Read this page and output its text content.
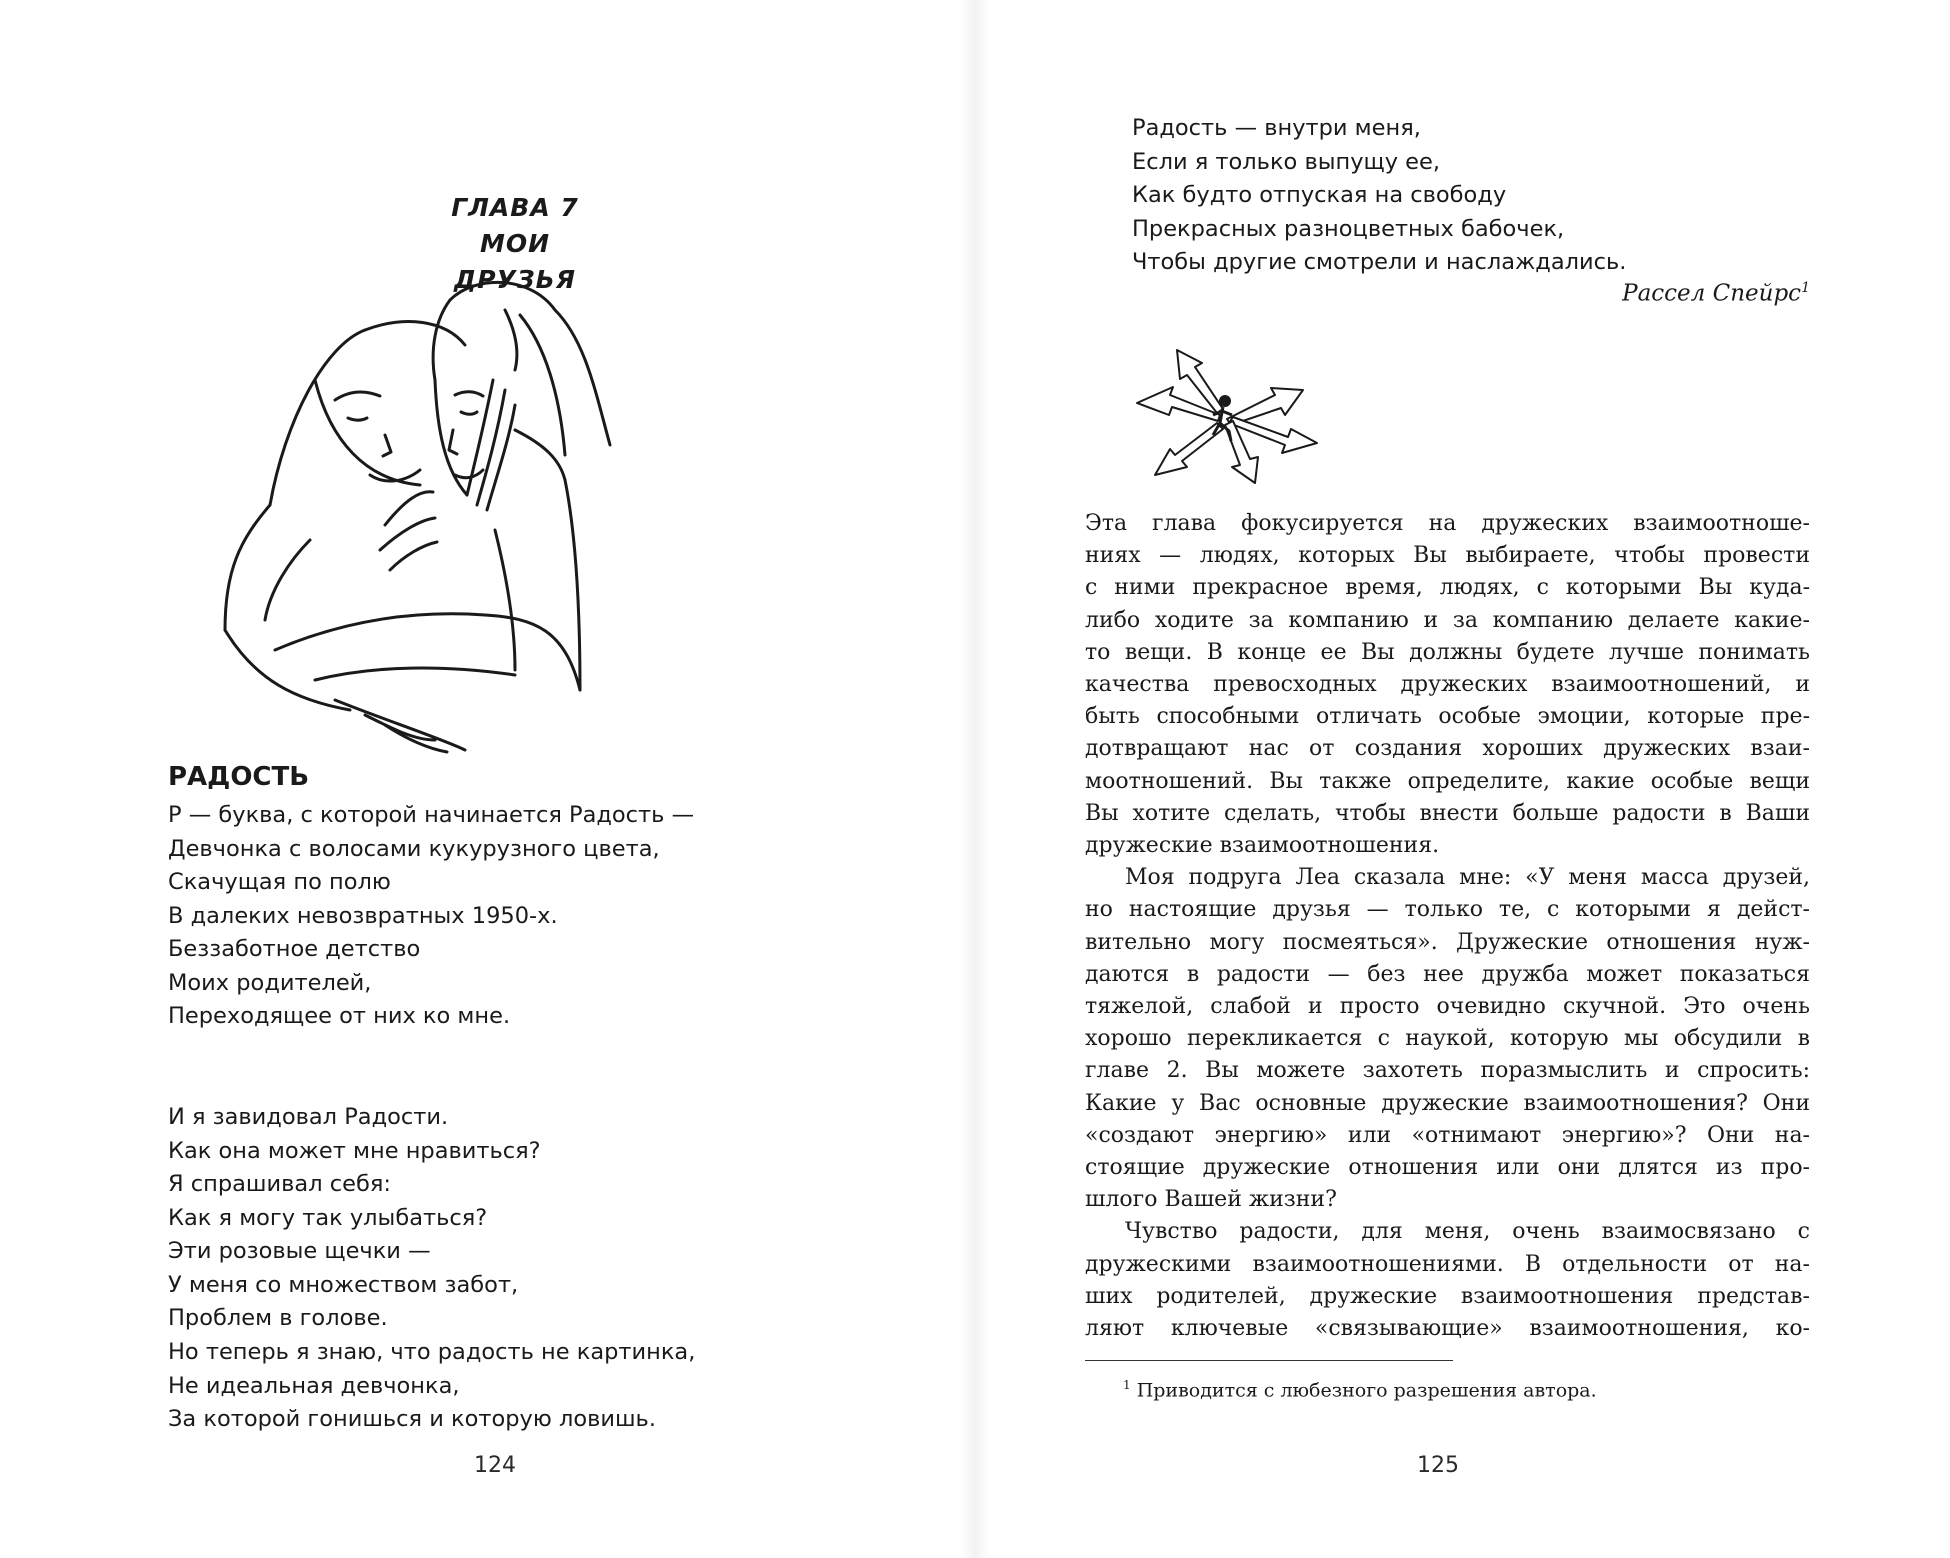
ГЛАВА 7
МОИ ДРУЗЬЯ
РАДОСТЬ
Р — буква, с которой начинается Радость —
Девчонка с волосами кукурузного цвета,
Скачущая по полю
В далеких невозвратных 1950-х.
Беззаботное детство
Моих родителей,
Переходящее от них ко мне.
И я завидовал Радости.
Как она может мне нравиться?
Я спрашивал себя:
Как я могу так улыбаться?
Эти розовые щечки —
У меня со множеством забот,
Проблем в голове.
Но теперь я знаю, что радость не картинка,
Не идеальная девчонка,
За которой гонишься и которую ловишь.
124
Радость — внутри меня,
Если я только выпущу ее,
Как будто отпуская на свободу
Прекрасных разноцветных бабочек,
Чтобы другие смотрели и наслаждались.
Рассел Спейрс$^1$
Эта глава фокусируется на дружеских взаимоотноше-
ниях — людях, которых Вы выбираете, чтобы провести
с ними прекрасное время, людях, с которыми Вы куда-
либо ходите за компанию и за компанию делаете какие-
то вещи. В конце ее Вы должны будете лучше понимать
качества превосходных дружеских взаимоотношений, и
быть способными отличать особые эмоции, которые пре-
дотвращают нас от создания хороших дружеских взаи-
моотношений. Вы также определите, какие особые вещи
Вы хотите сделать, чтобы внести больше радости в Ваши
дружеские взаимоотношения.
Моя подруга Леа сказала мне: «У меня масса друзей,
но настоящие друзья — только те, с которыми я дейст-
вительно могу посмеяться». Дружеские отношения нуж-
даются в радости — без нее дружба может показаться
тяжелой, слабой и просто очевидно скучной. Это очень
хорошо перекликается с наукой, которую мы обсудили в
главе 2. Вы можете захотеть поразмыслить и спросить:
Какие у Вас основные дружеские взаимоотношения? Они
«создают энергию» или «отнимают энергию»? Они на-
стоящие дружеские отношения или они длятся из про-
шлого Вашей жизни?
Чувство радости, для меня, очень взаимосвязано с
дружескими взаимоотношениями. В отдельности от на-
ших родителей, дружеские взаимоотношения представ-
ляют ключевые «связывающие» взаимоотношения, ко-
$^1$ Приводится с любезного разрешения автора.
125
